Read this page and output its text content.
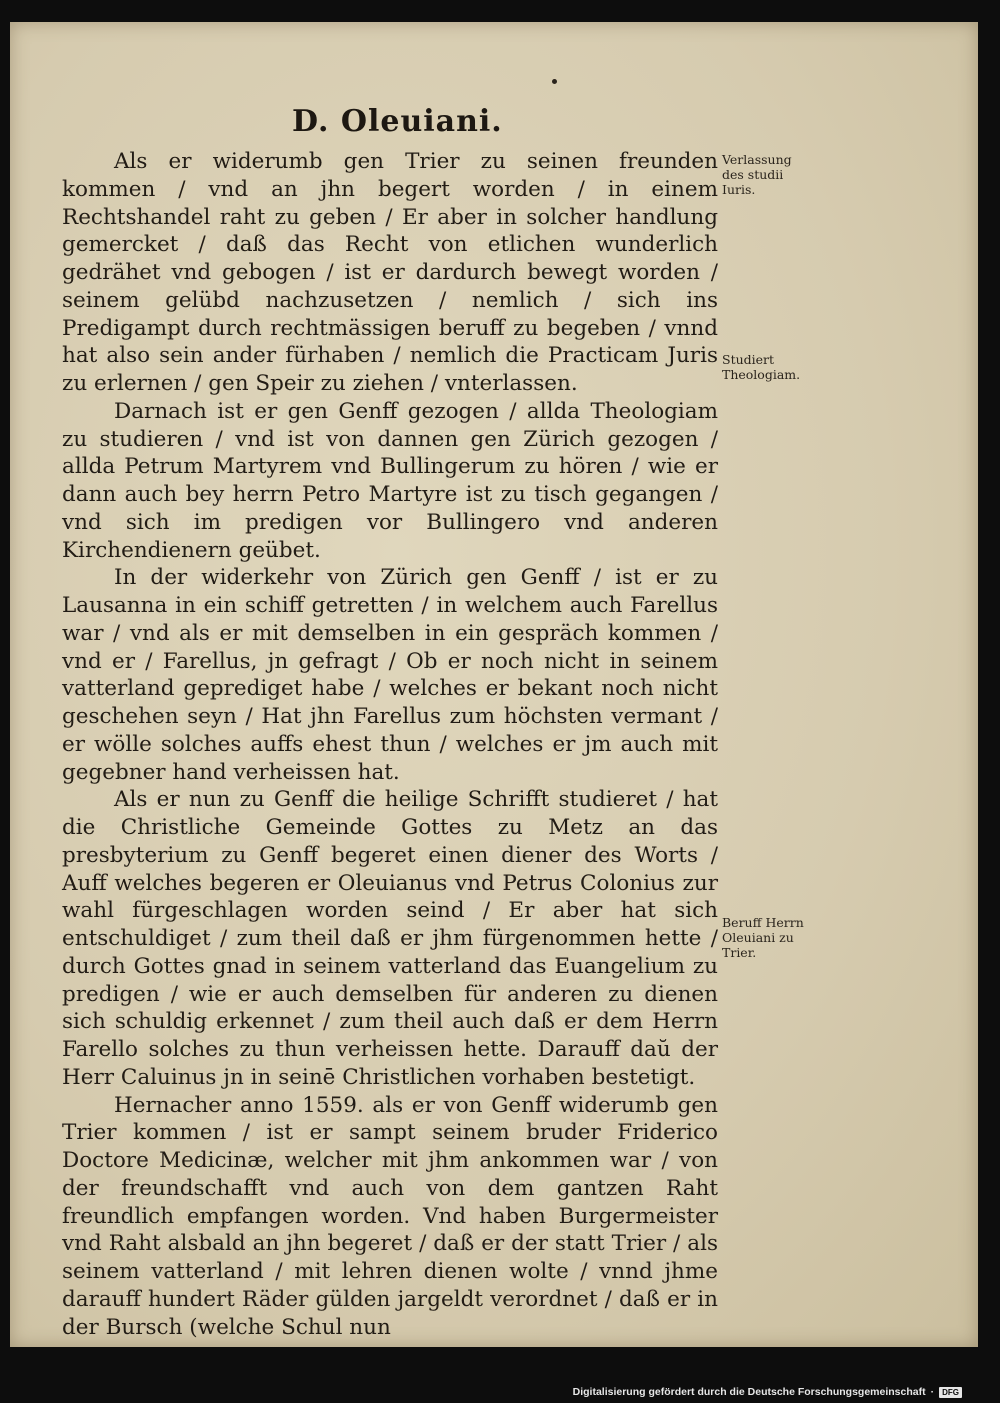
D. Oleuiani.

Als er widerumb gen Trier zu seinen freunden kommen / vnd an jhn begert worden / in einem Rechtshandel raht zu geben / Er aber in solcher handlung gemercket / daß das Recht von etlichen wunderlich gedrähet vnd gebogen / ist er dardurch bewegt worden / seinem gelübd nachzusetzen / nemlich / sich ins Predigampt durch rechtmässigen beruff zu begeben / vnnd hat also sein ander fürhaben / nemlich die Practicam Juris zu erlernen / gen Speir zu ziehen / vnterlassen.

Darnach ist er gen Genff gezogen / allda Theologiam zu studieren / vnd ist von dannen gen Zürich gezogen / allda Petrum Martyrem vnd Bullingerum zu hören / wie er dann auch bey herrn Petro Martyre ist zu tisch gegangen / vnd sich im predigen vor Bullingero vnd anderen Kirchendienern geübet.

In der widerkehr von Zürich gen Genff / ist er zu Lausanna in ein schiff getretten / in welchem auch Farellus war / vnd als er mit demselben in ein gespräch kommen / vnd er / Farellus, jn gefragt / Ob er noch nicht in seinem vatterland geprediget habe / welches er bekant noch nicht geschehen seyn / Hat jhn Farellus zum höchsten vermant / er wölle solches auffs ehest thun / welches er jm auch mit gegebner hand verheissen hat.

Als er nun zu Genff die heilige Schrifft studieret / hat die Christliche Gemeinde Gottes zu Metz an das presbyterium zu Genff begeret einen diener des Worts / Auff welches begeren er Oleuianus vnd Petrus Colonius zur wahl fürgeschlagen worden seind / Er aber hat sich entschuldiget / zum theil daß er jhm fürgenommen hette / durch Gottes gnad in seinem vatterland das Euangelium zu predigen / wie er auch demselben für anderen zu dienen sich schuldig erkennet / zum theil auch daß er dem Herrn Farello solches zu thun verheissen hette. Darauff daŭ der Herr Caluinus jn in seinē Christlichen vorhaben bestetigt.

Hernacher anno 1559. als er von Genff widerumb gen Trier kommen / ist er sampt seinem bruder Friderico Doctore Medicinæ, welcher mit jhm ankommen war / von der freundschafft vnd auch von dem gantzen Raht freundlich empfangen worden. Vnd haben Burgermeister vnd Raht alsbald an jhn begeret / daß er der statt Trier / als seinem vatterland / mit lehren dienen wolte / vnnd jhme darauff hundert Räder gülden jargeldt verordnet / daß er in der Bursch (welche Schul nun

Verlassung des studii Iuris.
Studiert Theologiam.
Beruff Herrn Oleuiani zu Trier.
Digitalisierung gefördert durch die Deutsche Forschungsgemeinschaft ·	DFG
